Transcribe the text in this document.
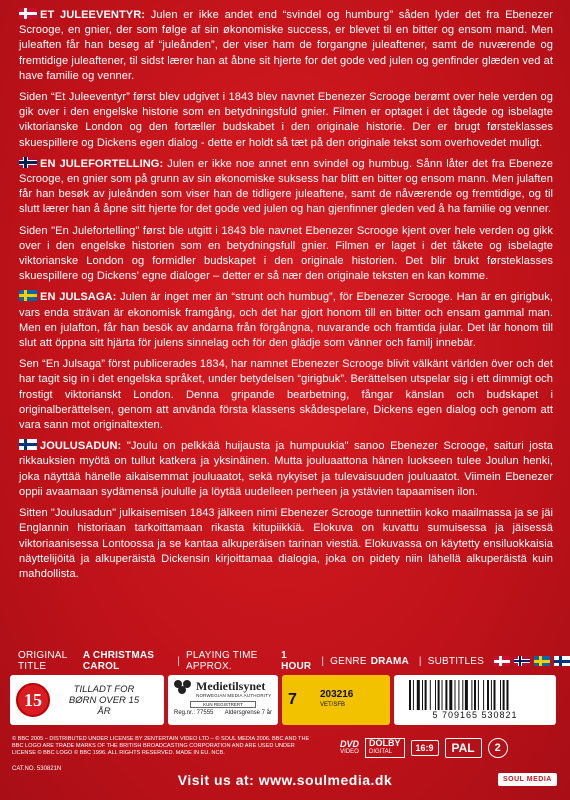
ET JULEEVENTYR: Julen er ikke andet end “svindel og humburg” såden lyder det fra Ebenezer Scrooge, en gnier, der som følge af sin økonomiske success, er blevet til en bitter og ensom mand. Men juleaften får han besøg af “juleånden”, der viser ham de forgangne juleaftener, samt de nuværende og fremtidige juleaftener, til sidst lærer han at åbne sit hjerte for det gode ved julen og genfinder glæden ved at have familie og venner.

Siden “Et Juleeventyr” først blev udgivet i 1843 blev navnet Ebenezer Scrooge berømt over hele verden og gik over i den engelske historie som en betydningsfuld gnier. Filmen er optaget i det tågede og isbelagte viktorianske London og den fortæller budskabet i den originale historie. Der er brugt førsteklasses skuespillere og Dickens egen dialog - dette er holdt så tæt på den originale tekst som overhovedet muligt.

EN JULEFORTELLING: Julen er ikke noe annet enn svindel og humbug. Sånn låter det fra Ebeneze Scrooge, en gnier som på grunn av sin økonomiske suksess har blitt en bitter og ensom mann. Men julaften får han besøk av juleånden som viser han de tidligere juleaftene, samt de nåværende og fremtidige, og til slutt lærer han å åpne sitt hjerte for det gode ved julen og han gjenfinner gleden ved å ha familie og venner.

Siden "En Julefortelling" først ble utgitt i 1843 ble navnet Ebenezer Scrooge kjent over hele verden og gikk over i den engelske historien som en betydningsfull gnier. Filmen er laget i det tåkete og isbelagte viktorianske London og formidler budskapet i den originale historien. Det blir brukt førsteklasses skuespillere og Dickens' egne dialoger – detter er så nær den originale teksten en kan komme.

EN JULSAGA: Julen är inget mer än “strunt och humbug”, för Ebenezer Scrooge. Han är en girigbuk, vars enda strävan är ekonomisk framgång, och det har gjort honom till en bitter och ensam gammal man. Men en julafton, får han besök av andarna från förgångna, nuvarande och framtida jular. Det lär honom till slut att öppna sitt hjärta för julens sinnelag och för den glädje som vänner och familj innebär.

Sen “En Julsaga” först publicerades 1834, har namnet Ebenezer Scrooge blivit välkänt världen över och det har tagit sig in i det engelska språket, under betydelsen “girigbuk”. Berättelsen utspelar sig i ett dimmigt och frostigt viktorianskt London. Denna gripande bearbetning, fångar känslan och budskapet i originalberättelsen, genom att använda första klassens skådespelare, Dickens egen dialog och genom att vara sann mot originaltexten.

JOULUSADUN: "Joulu on pelkkää huijausta ja humpuukia" sanoo Ebenezer Scrooge, saituri josta rikkauksien myötä on tullut katkera ja yksinäinen. Mutta jouluaattona hänen luokseen tulee Joulun henki, joka näyttää hänelle aikaisemmat jouluaatot, sekä nykyiset ja tulevaisuuden jouluaatot. Viimein Ebenezer oppii avaamaan sydämensä joululle ja löytää uudelleen perheen ja ystävien tapaamisen ilon.

Sitten "Joulusadun" julkaisemisen 1843 jälkeen nimi Ebenezer Scrooge tunnettiin koko maailmassa ja se jäi Englannin historiaan tarkoittamaan rikasta kitupiikkiä. Elokuva on kuvattu sumuisessa ja jäisessä viktoriaanisessa Lontoossa ja se kantaa alkuperäisen tarinan viestiä. Elokuvassa on käytetty ensiluokkaisia näyttelijöitä ja alkuperäistä Dickensin kirjoittamaa dialogia, joka on pidety niin lähellä alkuperäistä kuin mahdollista.

ORIGINAL TITLE
A CHRISTMAS CAROL	| PLAYING TIME APPROX.
1 HOUR | GENRE DRAMA | SUBTITLES
15
TILLADT FOR BØRN OVER 15 ÅR
Medietilsynet
NORWEGIAN MEDIA AUTHORITY
KUN REGISTRERT
Reg.nr.: 77555 Aldersgrense 7 år
7	203216
VET/SFB
5 709165 530821
© BBC 2005 – DISTRIBUTED UNDER LICENSE BY 2ENTERTAIN VIDEO LTD – © SOUL MEDIA 2006. BBC AND THE BBC LOGO ARE TRADE MARKS OF THE BRITISH BROADCASTING CORPORATION AND ARE USED UNDER LICENSE © BBC LOGO © BBC 1996. ALL RIGHTS RESERVED. MADE IN EU. NCB.
CAT.NO. 530821N
DVD
VIDEO
DOLBY
DIGITAL	16:9	PAL	2
Visit us at: www.soulmedia.dk	SOUL MEDIA
